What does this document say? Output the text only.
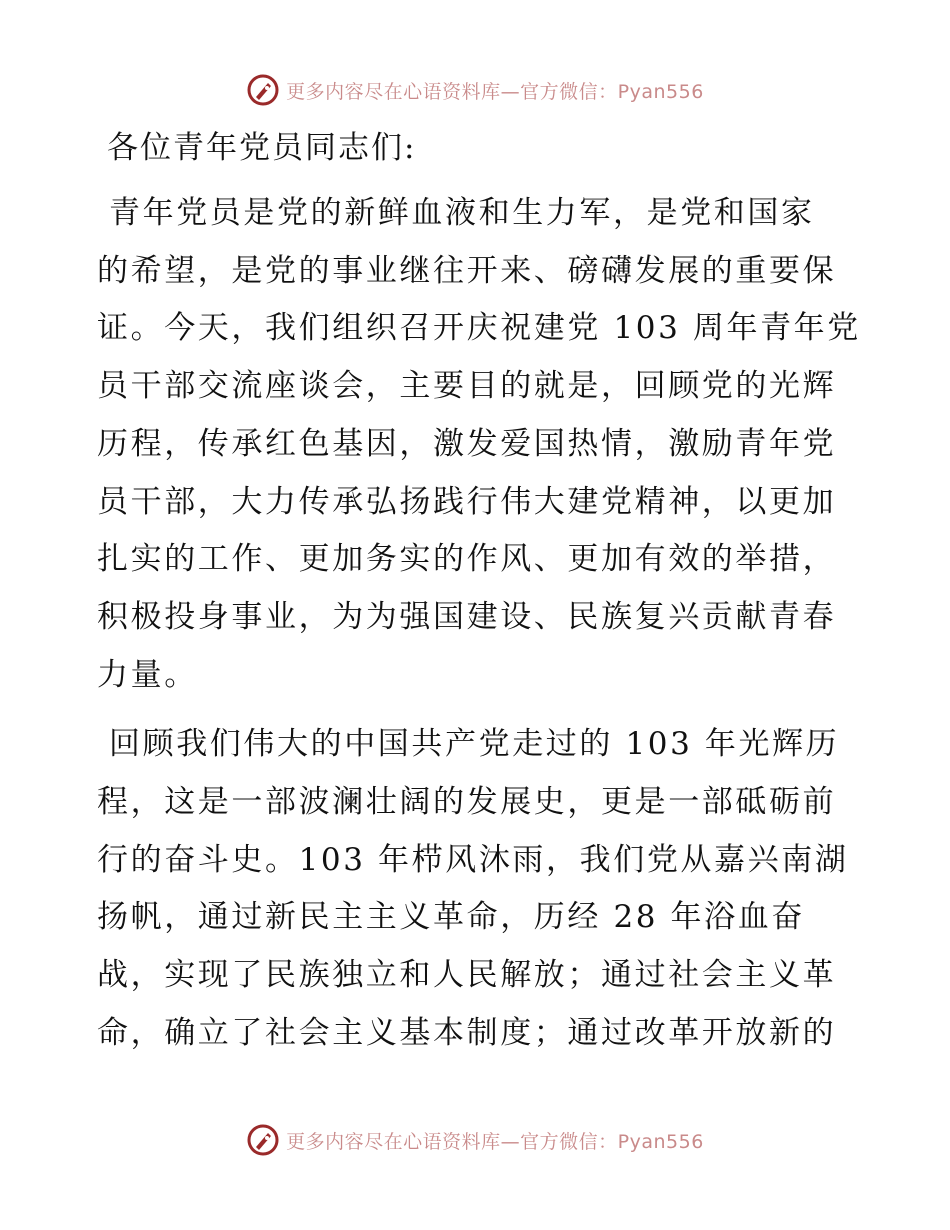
更多内容尽在心语资料库—官方微信：Pyan556
各位青年党员同志们:
青年党员是党的新鲜血液和生力军，是党和国家
的希望，是党的事业继往开来、磅礴发展的重要保
证。今天，我们组织召开庆祝建党 103 周年青年党
员干部交流座谈会，主要目的就是，回顾党的光辉
历程，传承红色基因，激发爱国热情，激励青年党
员干部，大力传承弘扬践行伟大建党精神，以更加
扎实的工作、更加务实的作风、更加有效的举措，
积极投身事业，为为强国建设、民族复兴贡献青春
力量。
回顾我们伟大的中国共产党走过的 103 年光辉历
程，这是一部波澜壮阔的发展史，更是一部砥砺前
行的奋斗史。103 年栉风沐雨，我们党从嘉兴南湖
扬帆，通过新民主主义革命，历经 28 年浴血奋
战，实现了民族独立和人民解放；通过社会主义革
命，确立了社会主义基本制度；通过改革开放新的
更多内容尽在心语资料库—官方微信：Pyan556
